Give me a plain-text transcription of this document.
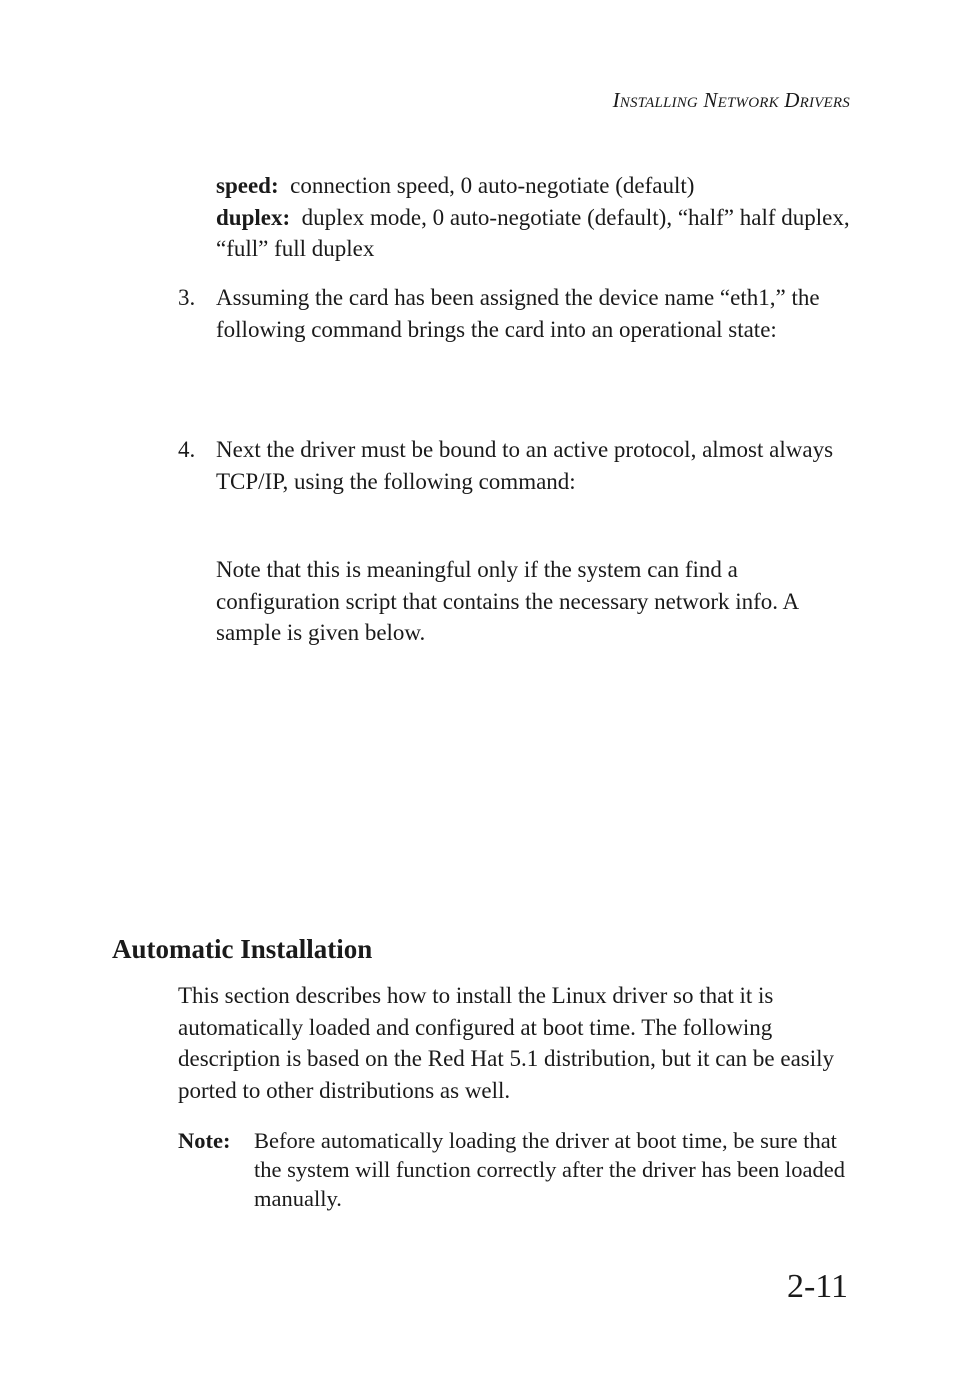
Installing Network Drivers
speed: connection speed, 0 auto-negotiate (default)
duplex: duplex mode, 0 auto-negotiate (default), “half” half duplex, “full” full duplex
3. Assuming the card has been assigned the device name “eth1,” the following command brings the card into an operational state:
4. Next the driver must be bound to an active protocol, almost always TCP/IP, using the following command:
Note that this is meaningful only if the system can find a configuration script that contains the necessary network info. A sample is given below.
Automatic Installation
This section describes how to install the Linux driver so that it is automatically loaded and configured at boot time. The following description is based on the Red Hat 5.1 distribution, but it can be easily ported to other distributions as well.
Note: Before automatically loading the driver at boot time, be sure that the system will function correctly after the driver has been loaded manually.
2-11
